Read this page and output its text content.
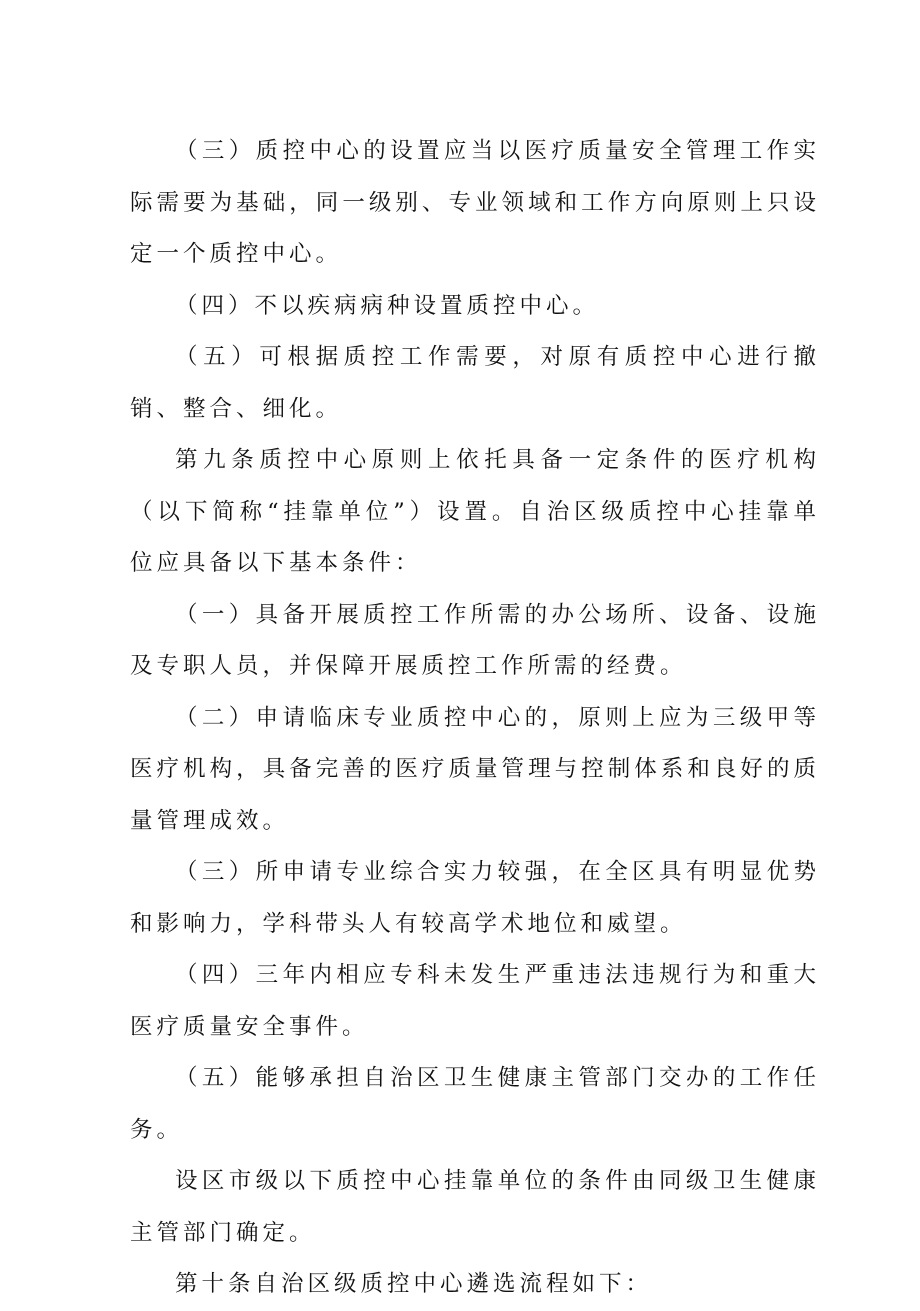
（三）质控中心的设置应当以医疗质量安全管理工作实际需要为基础，同一级别、专业领域和工作方向原则上只设定一个质控中心。

（四）不以疾病病种设置质控中心。

（五）可根据质控工作需要，对原有质控中心进行撤销、整合、细化。

第九条质控中心原则上依托具备一定条件的医疗机构（以下简称“挂靠单位”）设置。自治区级质控中心挂靠单位应具备以下基本条件：

（一）具备开展质控工作所需的办公场所、设备、设施及专职人员，并保障开展质控工作所需的经费。

（二）申请临床专业质控中心的，原则上应为三级甲等医疗机构，具备完善的医疗质量管理与控制体系和良好的质量管理成效。

（三）所申请专业综合实力较强，在全区具有明显优势和影响力，学科带头人有较高学术地位和威望。

（四）三年内相应专科未发生严重违法违规行为和重大医疗质量安全事件。

（五）能够承担自治区卫生健康主管部门交办的工作任务。

设区市级以下质控中心挂靠单位的条件由同级卫生健康主管部门确定。

第十条自治区级质控中心遴选流程如下：
